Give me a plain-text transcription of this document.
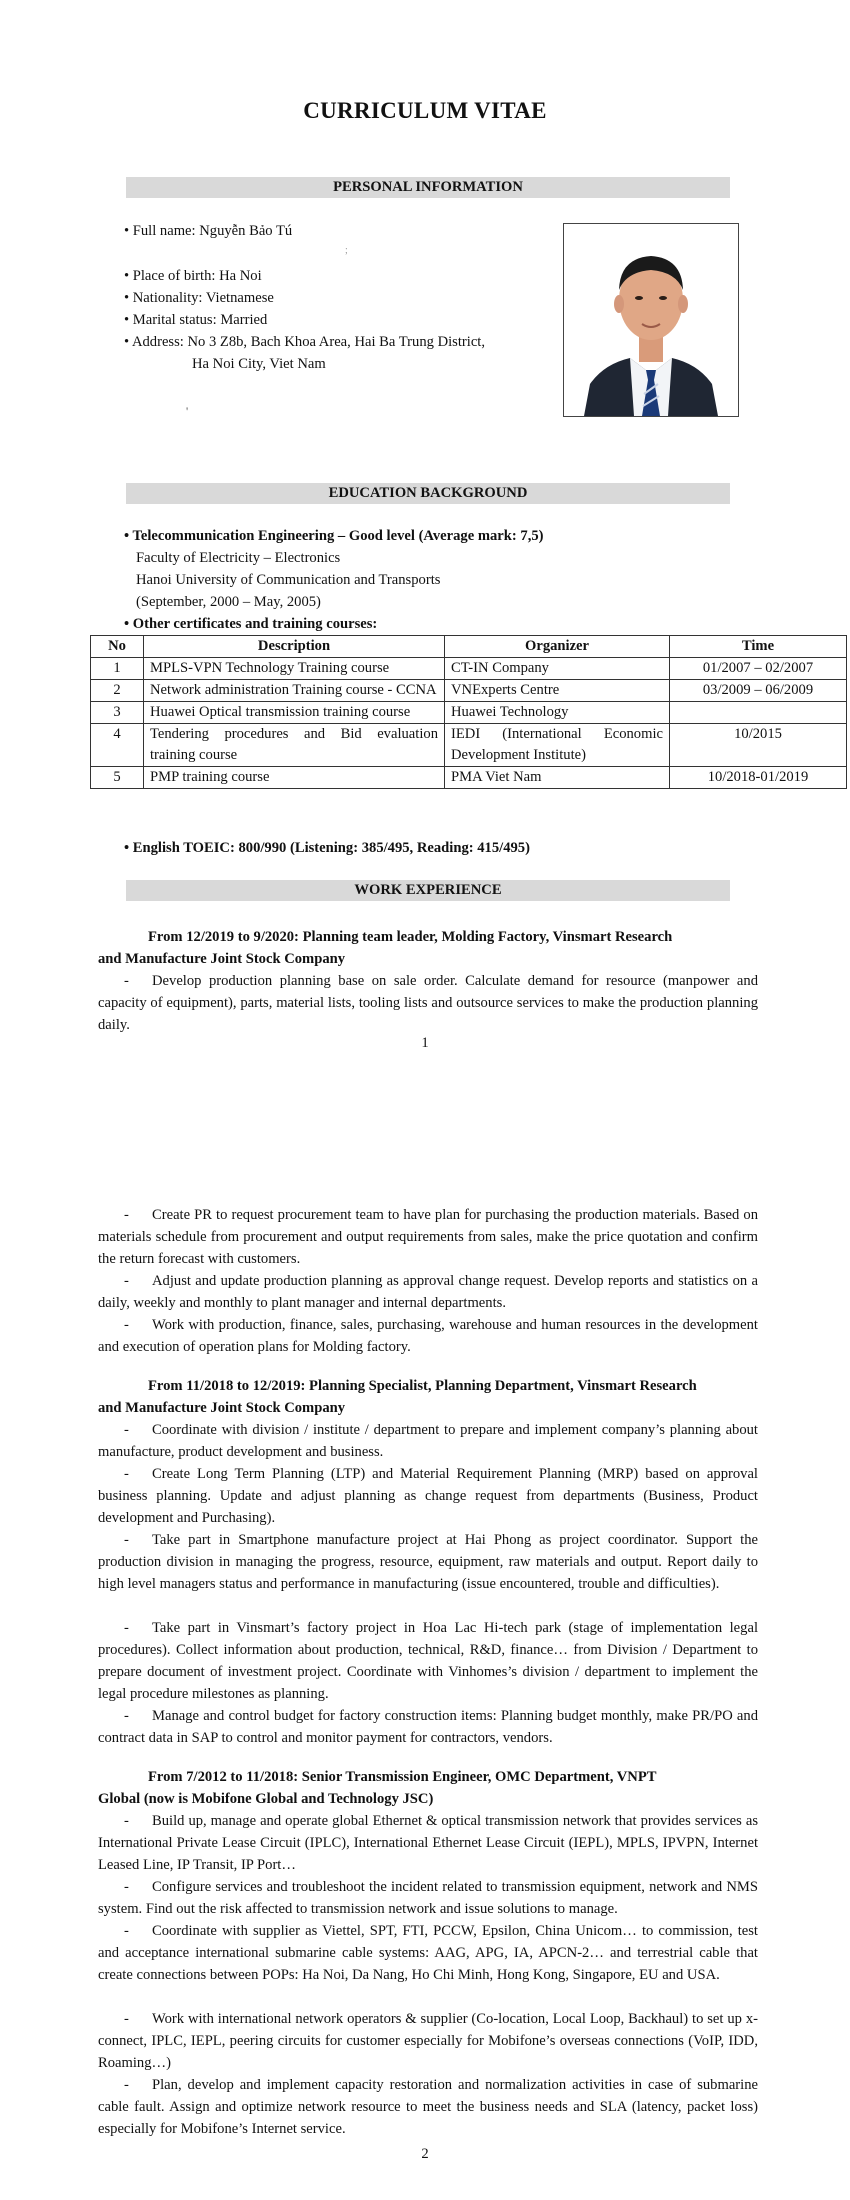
CURRICULUM VITAE
PERSONAL INFORMATION
• Full name: Nguyễn Bảo Tú
;
• Place of birth: Ha Noi
• Nationality: Vietnamese
• Marital status: Married
• Address: No 3 Z8b, Bach Khoa Area, Hai Ba Trung District,
Ha Noi City, Viet Nam
'
EDUCATION BACKGROUND
• Telecommunication Engineering – Good level (Average mark: 7,5)
Faculty of Electricity – Electronics
Hanoi University of Communication and Transports
(September, 2000 – May, 2005)
• Other certificates and training courses:
No	Description	Organizer	Time
1	MPLS-VPN Technology Training course	CT-IN Company	01/2007 – 02/2007
2	Network administration Training course - CCNA	VNExperts Centre	03/2009 – 06/2009
3	Huawei Optical transmission training course	Huawei Technology	
4	Tendering procedures and Bid evaluation training course	IEDI (International Economic Development Institute)	10/2015
5	PMP training course	PMA Viet Nam	10/2018-01/2019
• English TOEIC: 800/990 (Listening: 385/495, Reading: 415/495)
WORK EXPERIENCE
From 12/2019 to 9/2020: Planning team leader, Molding Factory, Vinsmart Research
and Manufacture Joint Stock Company
- Develop production planning base on sale order. Calculate demand for resource (manpower and capacity of equipment), parts, material lists, tooling lists and outsource services to make the production planning daily.
1
- Create PR to request procurement team to have plan for purchasing the production materials. Based on materials schedule from procurement and output requirements from sales, make the price quotation and confirm the return forecast with customers.
- Adjust and update production planning as approval change request. Develop reports and statistics on a daily, weekly and monthly to plant manager and internal departments.
- Work with production, finance, sales, purchasing, warehouse and human resources in the development and execution of operation plans for Molding factory.
From 11/2018 to 12/2019: Planning Specialist, Planning Department, Vinsmart Research
and Manufacture Joint Stock Company
- Coordinate with division / institute / department to prepare and implement company’s planning about manufacture, product development and business.
- Create Long Term Planning (LTP) and Material Requirement Planning (MRP) based on approval business planning. Update and adjust planning as change request from departments (Business, Product development and Purchasing).
- Take part in Smartphone manufacture project at Hai Phong as project coordinator. Support the production division in managing the progress, resource, equipment, raw materials and output. Report daily to high level managers status and performance in manufacturing (issue encountered, trouble and difficulties).
- Take part in Vinsmart’s factory project in Hoa Lac Hi-tech park (stage of implementation legal procedures). Collect information about production, technical, R&D, finance… from Division / Department to prepare document of investment project. Coordinate with Vinhomes’s division / department to implement the legal procedure milestones as planning.
- Manage and control budget for factory construction items: Planning budget monthly, make PR/PO and contract data in SAP to control and monitor payment for contractors, vendors.
From 7/2012 to 11/2018: Senior Transmission Engineer, OMC Department, VNPT
Global (now is Mobifone Global and Technology JSC)
- Build up, manage and operate global Ethernet & optical transmission network that provides services as International Private Lease Circuit (IPLC), International Ethernet Lease Circuit (IEPL), MPLS, IPVPN, Internet Leased Line, IP Transit, IP Port…
- Configure services and troubleshoot the incident related to transmission equipment, network and NMS system. Find out the risk affected to transmission network and issue solutions to manage.
- Coordinate with supplier as Viettel, SPT, FTI, PCCW, Epsilon, China Unicom… to commission, test and acceptance international submarine cable systems: AAG, APG, IA, APCN-2… and terrestrial cable that create connections between POPs: Ha Noi, Da Nang, Ho Chi Minh, Hong Kong, Singapore, EU and USA.
- Work with international network operators & supplier (Co-location, Local Loop, Backhaul) to set up x-connect, IPLC, IEPL, peering circuits for customer especially for Mobifone’s overseas connections (VoIP, IDD, Roaming…)
- Plan, develop and implement capacity restoration and normalization activities in case of submarine cable fault. Assign and optimize network resource to meet the business needs and SLA (latency, packet loss) especially for Mobifone’s Internet service.
2
